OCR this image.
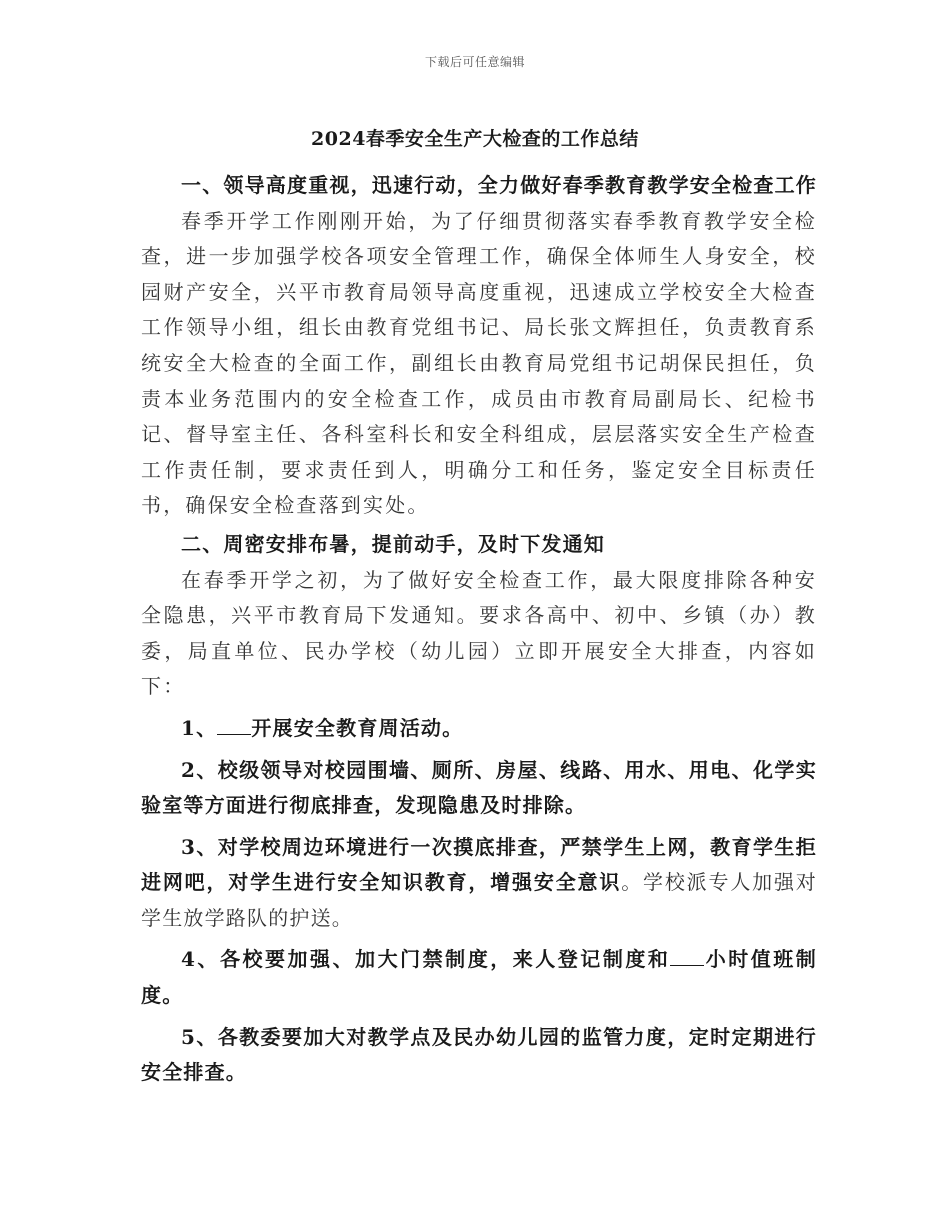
下载后可任意编辑
2024春季安全生产大检查的工作总结

一、领导高度重视，迅速行动，全力做好春季教育教学安全检查工作

春季开学工作刚刚开始，为了仔细贯彻落实春季教育教学安全检查，进一步加强学校各项安全管理工作，确保全体师生人身安全，校园财产安全，兴平市教育局领导高度重视，迅速成立学校安全大检查工作领导小组，组长由教育党组书记、局长张文辉担任，负责教育系统安全大检查的全面工作，副组长由教育局党组书记胡保民担任，负责本业务范围内的安全检查工作，成员由市教育局副局长、纪检书记、督导室主任、各科室科长和安全科组成，层层落实安全生产检查工作责任制，要求责任到人，明确分工和任务，鉴定安全目标责任书，确保安全检查落到实处。

二、周密安排布暑，提前动手，及时下发通知

在春季开学之初，为了做好安全检查工作，最大限度排除各种安全隐患，兴平市教育局下发通知。要求各高中、初中、乡镇（办）教委，局直单位、民办学校（幼儿园）立即开展安全大排查，内容如下：

1、 开展安全教育周活动。

2、校级领导对校园围墙、厕所、房屋、线路、用水、用电、化学实验室等方面进行彻底排查，发现隐患及时排除。

3、对学校周边环境进行一次摸底排查，严禁学生上网，教育学生拒进网吧，对学生进行安全知识教育，增强安全意识。学校派专人加强对学生放学路队的护送。

4、各校要加强、加大门禁制度，来人登记制度和 小时值班制度。

5、各教委要加大对教学点及民办幼儿园的监管力度，定时定期进行安全排查。
